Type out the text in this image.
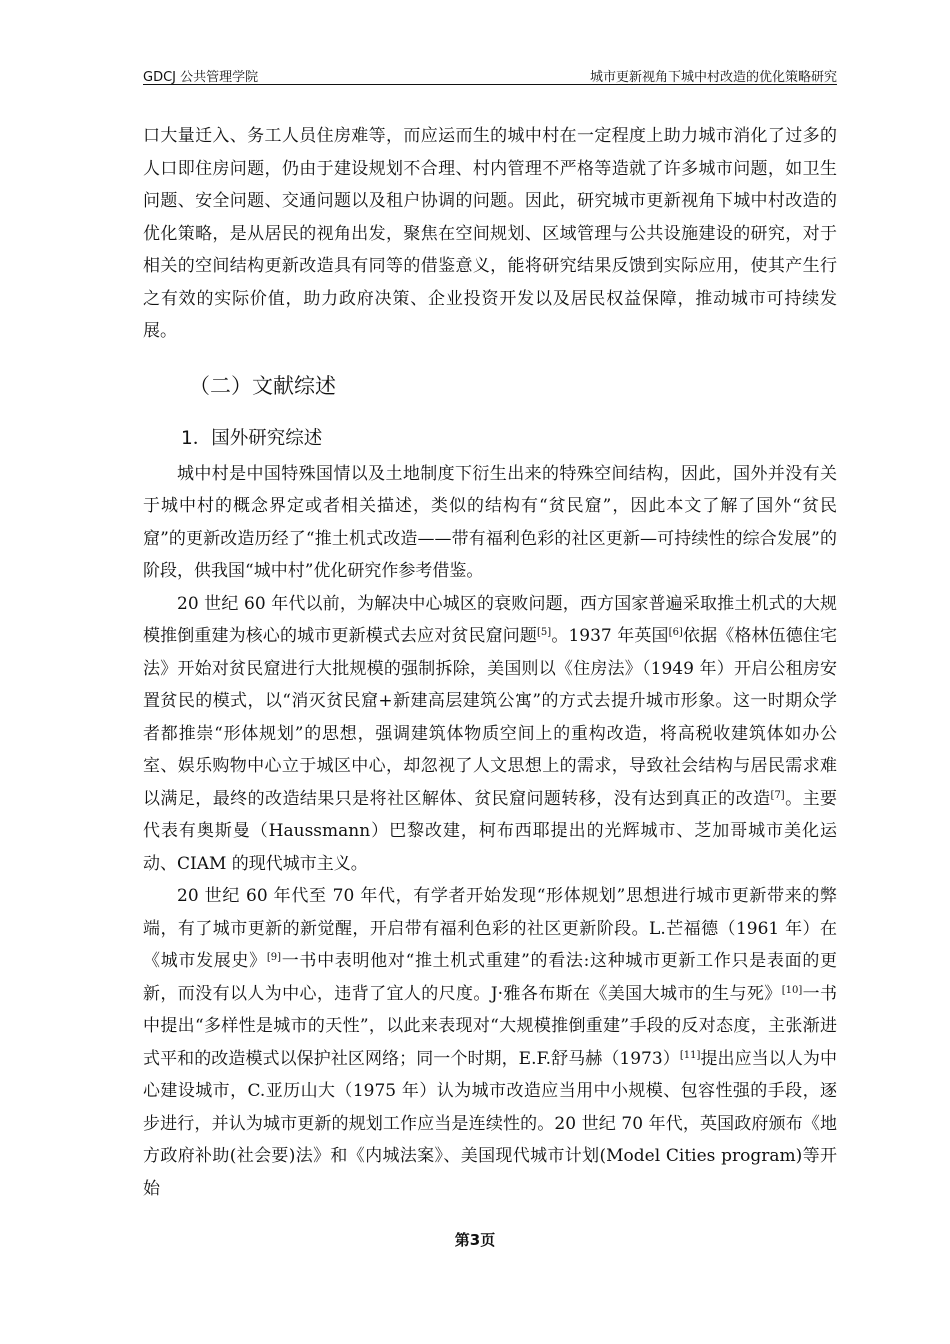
GDCJ 公共管理学院	城市更新视角下城中村改造的优化策略研究

口大量迁入、务工人员住房难等，而应运而生的城中村在一定程度上助力城市消化了过多的人口即住房问题，仍由于建设规划不合理、村内管理不严格等造就了许多城市问题，如卫生问题、安全问题、交通问题以及租户协调的问题。因此，研究城市更新视角下城中村改造的优化策略，是从居民的视角出发，聚焦在空间规划、区域管理与公共设施建设的研究，对于相关的空间结构更新改造具有同等的借鉴意义，能将研究结果反馈到实际应用，使其产生行之有效的实际价值，助力政府决策、企业投资开发以及居民权益保障，推动城市可持续发展。

（二）文献综述
1．国外研究综述

城中村是中国特殊国情以及土地制度下衍生出来的特殊空间结构，因此，国外并没有关于城中村的概念界定或者相关描述，类似的结构有“贫民窟”，因此本文了解了国外“贫民窟”的更新改造历经了“推土机式改造——带有福利色彩的社区更新—可持续性的综合发展”的阶段，供我国“城中村”优化研究作参考借鉴。

20 世纪 60 年代以前，为解决中心城区的衰败问题，西方国家普遍采取推土机式的大规模推倒重建为核心的城市更新模式去应对贫民窟问题[5]。1937 年英国[6]依据《格林伍德住宅法》开始对贫民窟进行大批规模的强制拆除，美国则以《住房法》（1949 年）开启公租房安置贫民的模式，以“消灭贫民窟+新建高层建筑公寓”的方式去提升城市形象。这一时期众学者都推崇“形体规划”的思想，强调建筑体物质空间上的重构改造，将高税收建筑体如办公室、娱乐购物中心立于城区中心，却忽视了人文思想上的需求，导致社会结构与居民需求难以满足，最终的改造结果只是将社区解体、贫民窟问题转移，没有达到真正的改造[7]。主要代表有奥斯曼（Haussmann）巴黎改建，柯布西耶提出的光辉城市、芝加哥城市美化运动、CIAM 的现代城市主义。

20 世纪 60 年代至 70 年代，有学者开始发现“形体规划”思想进行城市更新带来的弊端，有了城市更新的新觉醒，开启带有福利色彩的社区更新阶段。L.芒福德（1961 年）在《城市发展史》[9]一书中表明他对“推土机式重建”的看法:这种城市更新工作只是表面的更新，而没有以人为中心，违背了宜人的尺度。J·雅各布斯在《美国大城市的生与死》[10]一书中提出“多样性是城市的天性”，以此来表现对“大规模推倒重建”手段的反对态度，主张渐进式平和的改造模式以保护社区网络；同一个时期，E.F.舒马赫（1973）[11]提出应当以人为中心建设城市，C.亚历山大（1975 年）认为城市改造应当用中小规模、包容性强的手段，逐步进行，并认为城市更新的规划工作应当是连续性的。20 世纪 70 年代，英国政府颁布《地方政府补助(社会要)法》和《内城法案》、美国现代城市计划(Model Cities program)等开始

第3页
